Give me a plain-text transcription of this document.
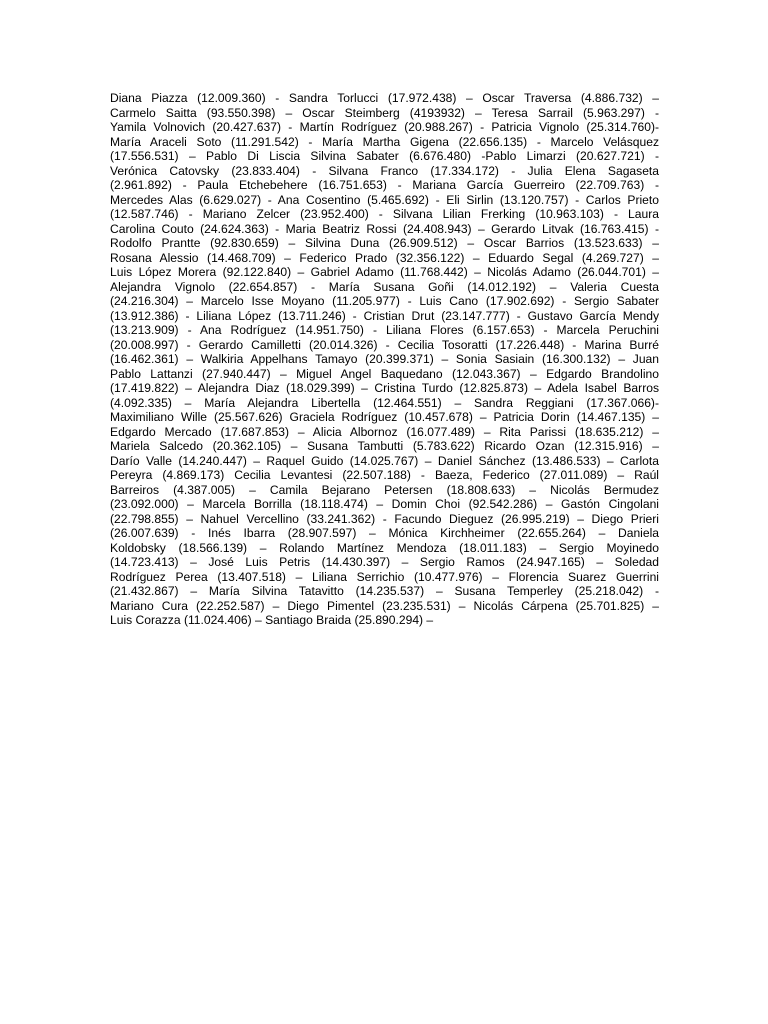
Diana Piazza (12.009.360) - Sandra Torlucci (17.972.438) – Oscar Traversa (4.886.732) –
Carmelo Saitta (93.550.398) – Oscar Steimberg (4193932) – Teresa Sarrail (5.963.297) -
Yamila Volnovich (20.427.637) - Martín Rodríguez (20.988.267) - Patricia Vignolo (25.314.760)-
María Araceli Soto (11.291.542) - María Martha Gigena (22.656.135) - Marcelo Velásquez
(17.556.531) – Pablo Di Liscia Silvina Sabater (6.676.480) -Pablo Limarzi (20.627.721) -
Verónica Catovsky (23.833.404) - Silvana Franco (17.334.172) - Julia Elena Sagaseta
(2.961.892) - Paula Etchebehere (16.751.653) - Mariana García Guerreiro (22.709.763) -
Mercedes Alas (6.629.027) - Ana Cosentino (5.465.692) - Eli Sirlin (13.120.757) - Carlos Prieto
(12.587.746) - Mariano Zelcer (23.952.400) - Silvana Lilian Frerking (10.963.103) - Laura
Carolina Couto (24.624.363) - Maria Beatriz Rossi (24.408.943) – Gerardo Litvak (16.763.415) -
Rodolfo Prantte (92.830.659) – Silvina Duna (26.909.512) – Oscar Barrios (13.523.633) –
Rosana Alessio (14.468.709) – Federico Prado (32.356.122) – Eduardo Segal (4.269.727) –
Luis López Morera (92.122.840) – Gabriel Adamo (11.768.442) – Nicolás Adamo (26.044.701) –
Alejandra Vignolo (22.654.857) - María Susana Goñi (14.012.192) – Valeria Cuesta
(24.216.304) – Marcelo Isse Moyano (11.205.977) - Luis Cano (17.902.692) - Sergio Sabater
(13.912.386) - Liliana López (13.711.246) - Cristian Drut (23.147.777) - Gustavo García Mendy
(13.213.909) - Ana Rodríguez (14.951.750) - Liliana Flores (6.157.653) - Marcela Peruchini
(20.008.997) - Gerardo Camilletti (20.014.326) - Cecilia Tosoratti (17.226.448) - Marina Burré
(16.462.361) – Walkiria Appelhans Tamayo (20.399.371) – Sonia Sasiain (16.300.132) – Juan
Pablo Lattanzi (27.940.447) – Miguel Angel Baquedano (12.043.367) – Edgardo Brandolino
(17.419.822) – Alejandra Diaz (18.029.399) – Cristina Turdo (12.825.873) – Adela Isabel Barros
(4.092.335) – María Alejandra Libertella (12.464.551) – Sandra Reggiani (17.367.066)-
Maximiliano Wille (25.567.626) Graciela Rodríguez (10.457.678) – Patricia Dorin (14.467.135) –
Edgardo Mercado (17.687.853) – Alicia Albornoz (16.077.489) – Rita Parissi (18.635.212) –
Mariela Salcedo (20.362.105) – Susana Tambutti (5.783.622) Ricardo Ozan (12.315.916) –
Darío Valle (14.240.447) – Raquel Guido (14.025.767) – Daniel Sánchez (13.486.533) – Carlota
Pereyra (4.869.173) Cecilia Levantesi (22.507.188) - Baeza, Federico (27.011.089) – Raúl
Barreiros (4.387.005) – Camila Bejarano Petersen (18.808.633) – Nicolás Bermudez
(23.092.000) – Marcela Borrilla (18.118.474) – Domin Choi (92.542.286) – Gastón Cingolani
(22.798.855) – Nahuel Vercellino (33.241.362) - Facundo Dieguez (26.995.219) – Diego Prieri
(26.007.639) - Inés Ibarra (28.907.597) – Mónica Kirchheimer (22.655.264) – Daniela
Koldobsky (18.566.139) – Rolando Martínez Mendoza (18.011.183) – Sergio Moyinedo
(14.723.413) – José Luis Petris (14.430.397) – Sergio Ramos (24.947.165) – Soledad
Rodríguez Perea (13.407.518) – Liliana Serrichio (10.477.976) – Florencia Suarez Guerrini
(21.432.867) – María Silvina Tatavitto (14.235.537) – Susana Temperley (25.218.042) -
Mariano Cura (22.252.587) – Diego Pimentel (23.235.531) – Nicolás Cárpena (25.701.825) –
Luis Corazza (11.024.406) – Santiago Braida (25.890.294) –
